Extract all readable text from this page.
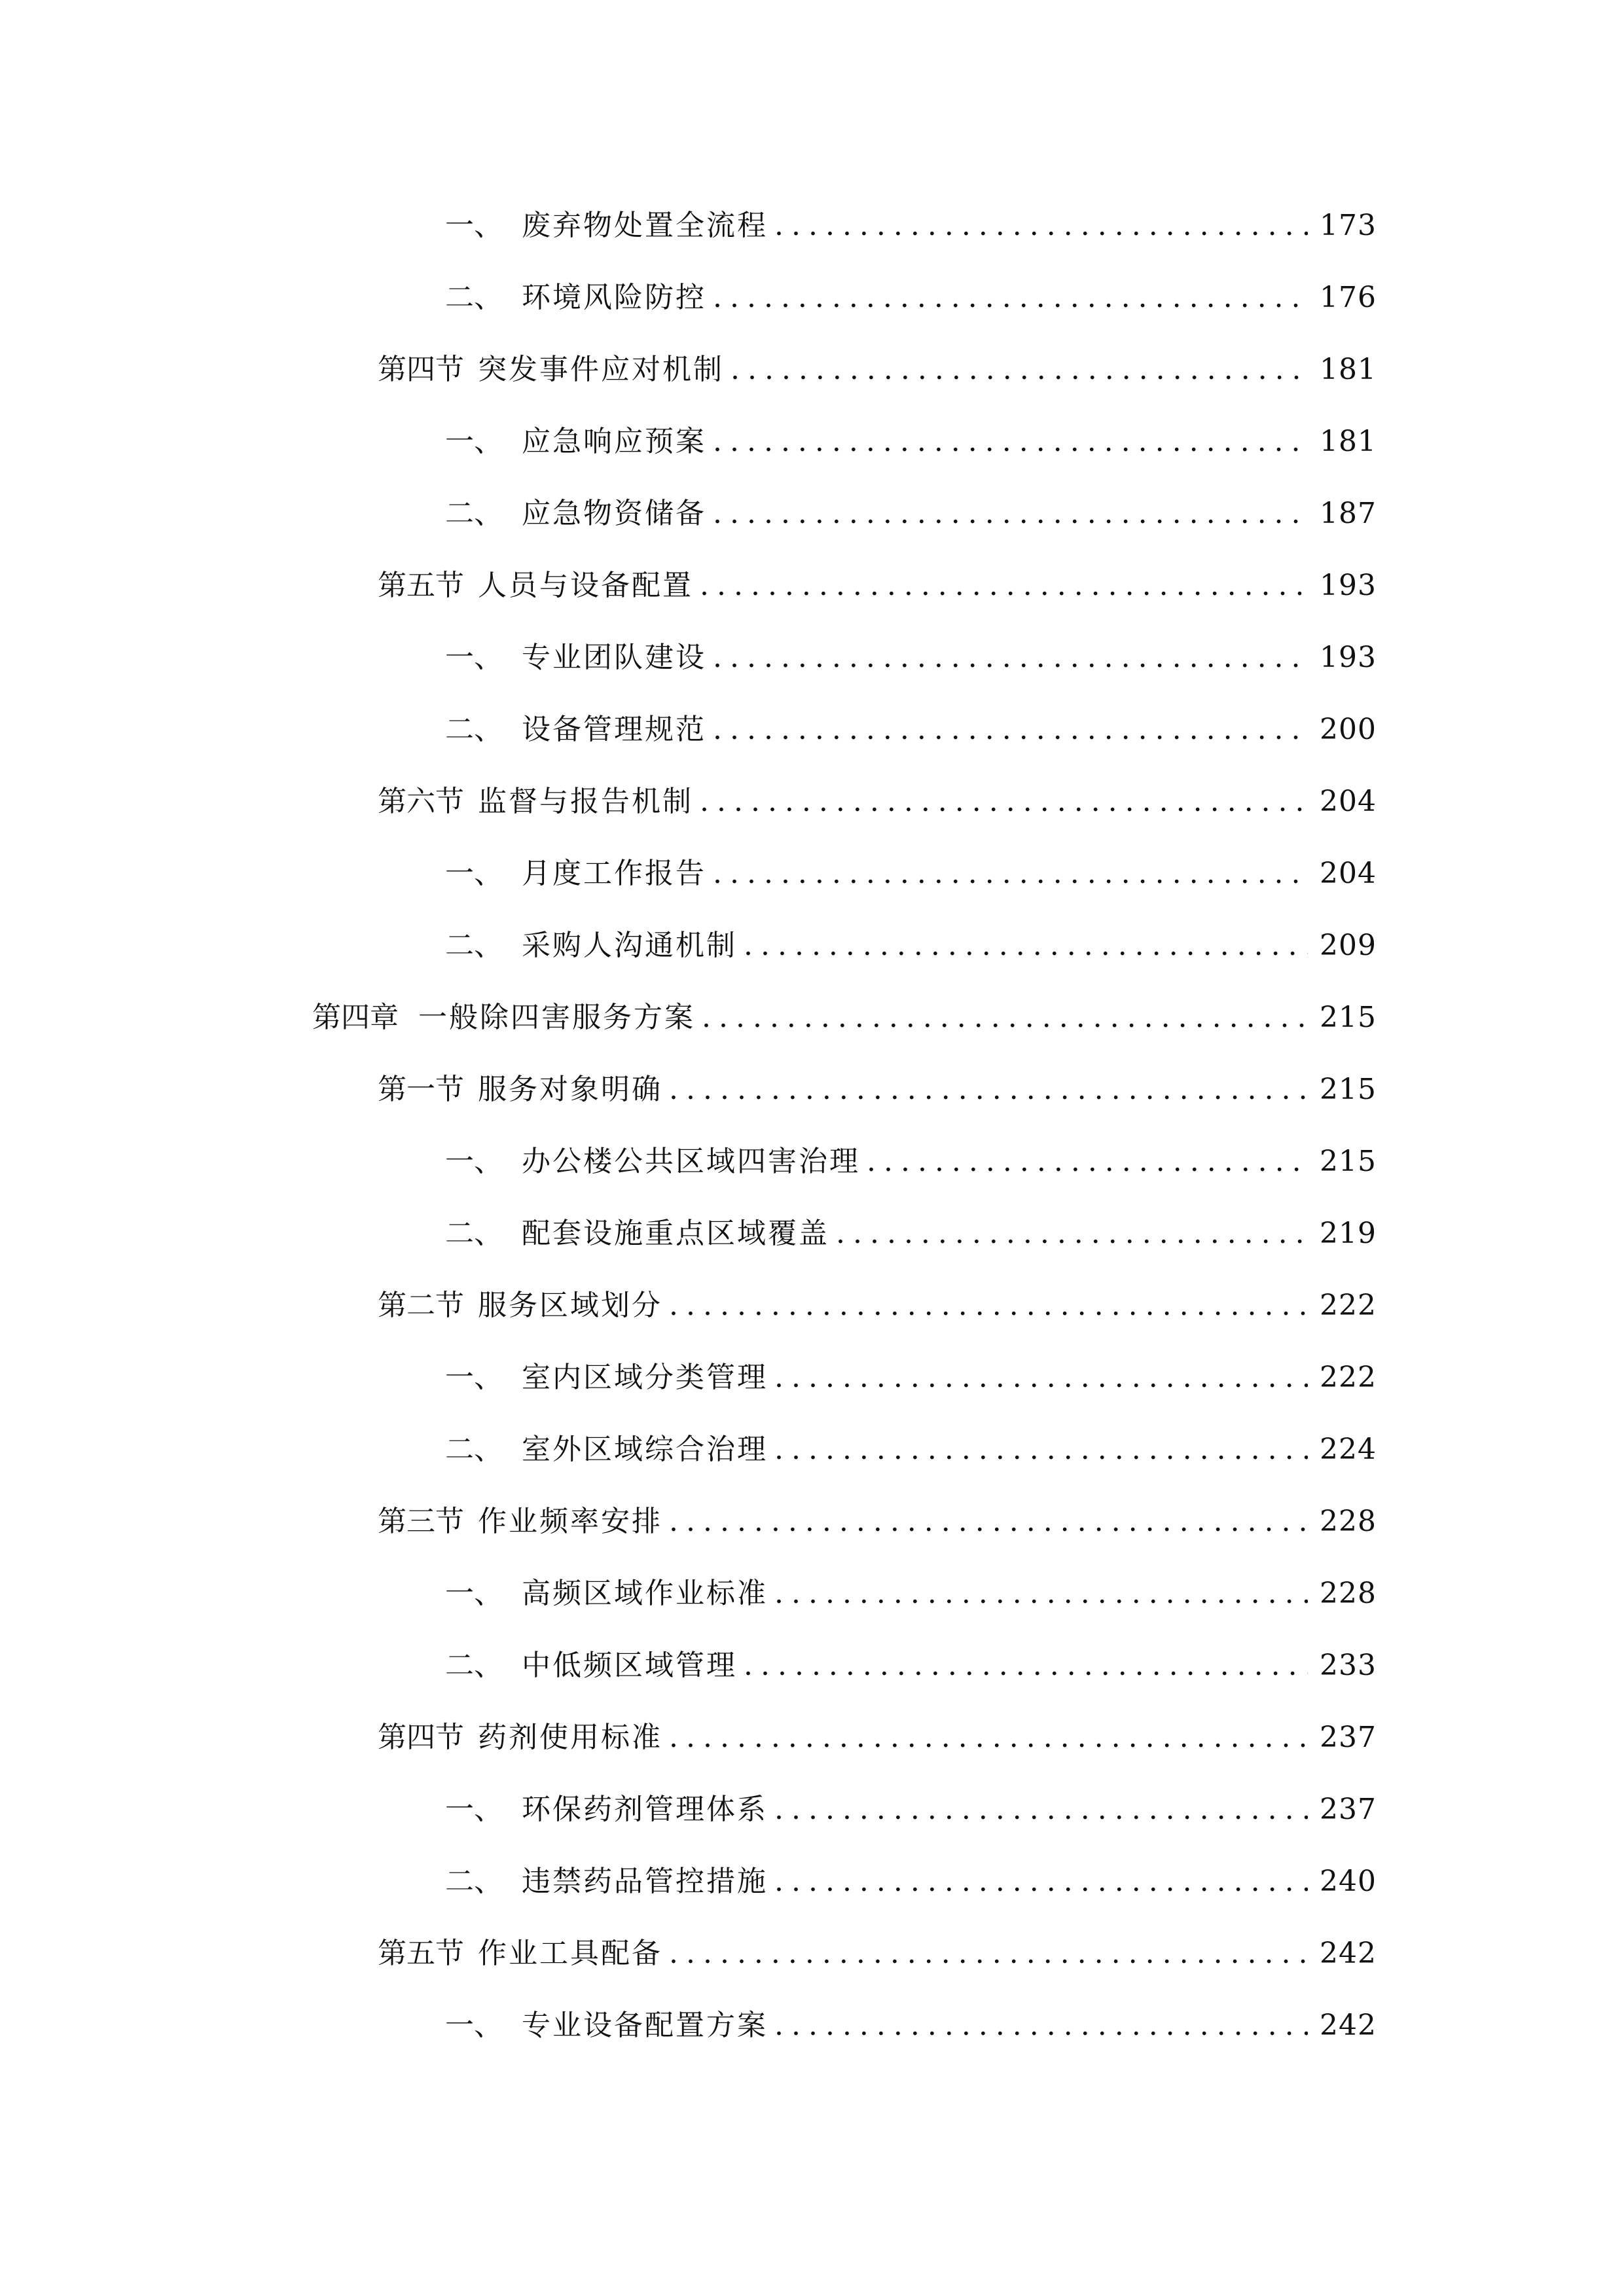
一、 废弃物处置全流程 .....	173
二、 环境风险防控 .....	176
第四节 突发事件应对机制 .....	181
一、 应急响应预案 .....	181
二、 应急物资储备 .....	187
第五节 人员与设备配置 .....	193
一、 专业团队建设 .....	193
二、 设备管理规范 .....	200
第六节 监督与报告机制 .....	204
一、 月度工作报告 .....	204
二、 采购人沟通机制 .....	209
第四章 一般除四害服务方案 .....	215
第一节 服务对象明确 .....	215
一、 办公楼公共区域四害治理 .....	215
二、 配套设施重点区域覆盖 .....	219
第二节 服务区域划分 .....	222
一、 室内区域分类管理 .....	222
二、 室外区域综合治理 .....	224
第三节 作业频率安排 .....	228
一、 高频区域作业标准 .....	228
二、 中低频区域管理 .....	233
第四节 药剂使用标准 .....	237
一、 环保药剂管理体系 .....	237
二、 违禁药品管控措施 .....	240
第五节 作业工具配备 .....	242
一、 专业设备配置方案 .....	242
